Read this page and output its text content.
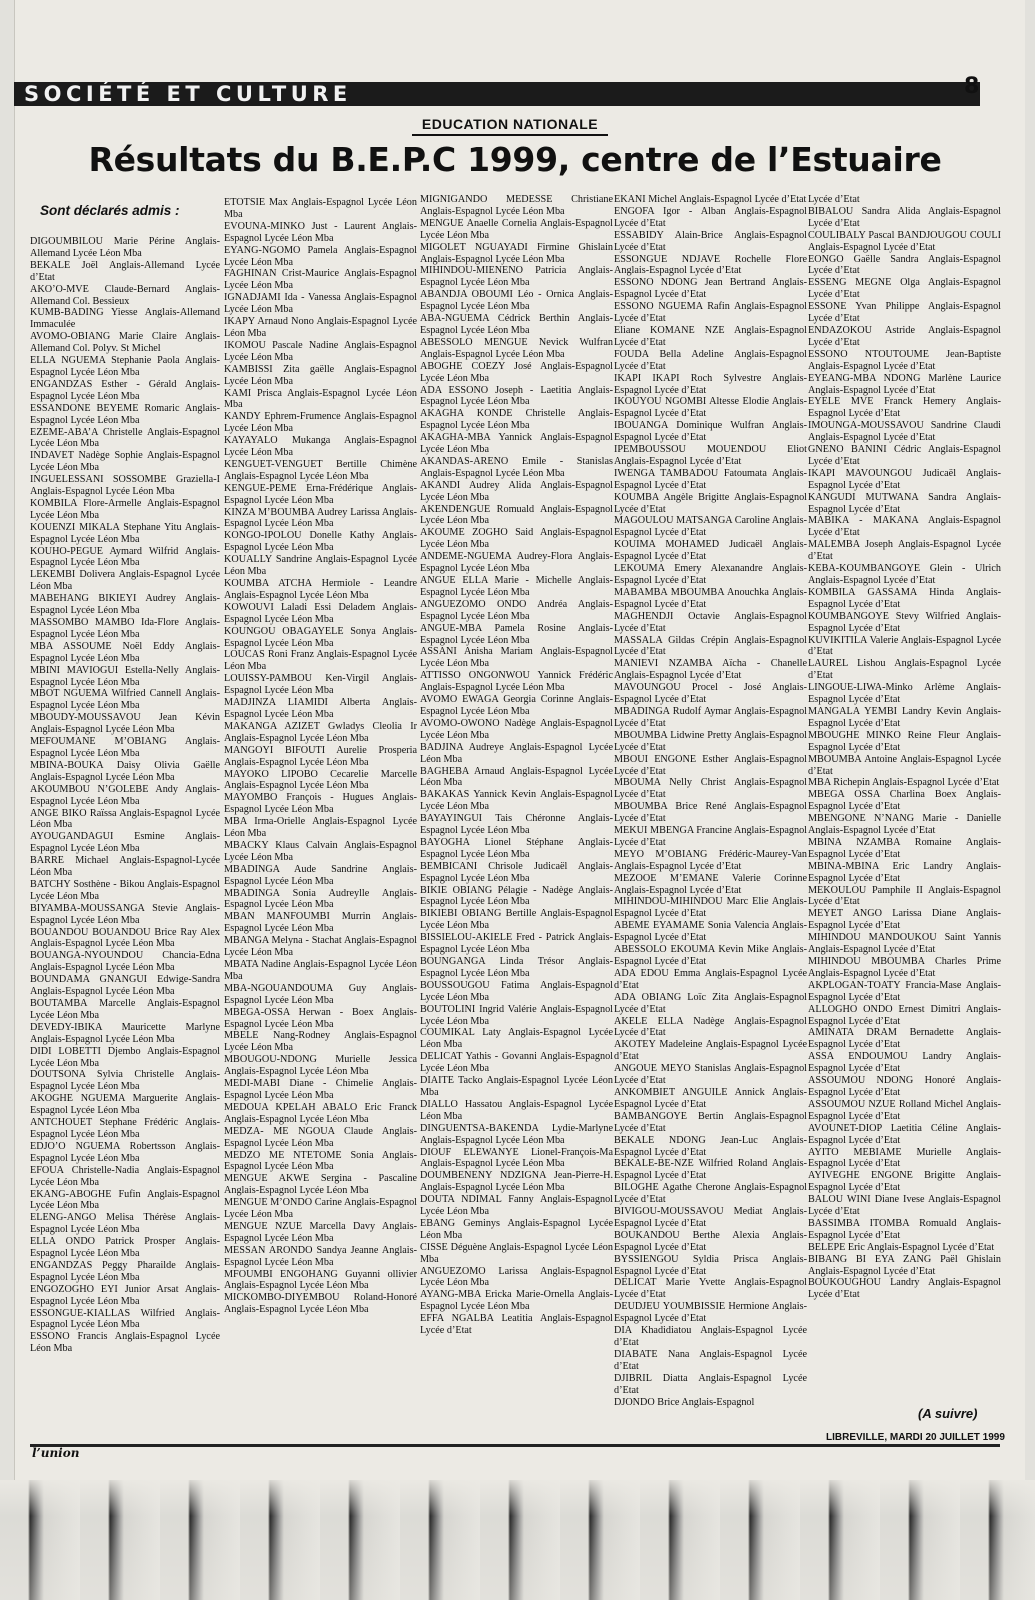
SOCIÉTÉ ET CULTURE	8
EDUCATION NATIONALE
Résultats du B.E.P.C 1999, centre de l’Estuaire
Sont déclarés admis :

DIGOUMBILOU Marie Périne Anglais-Allemand Lycée Léon Mba

BEKALE Joël Anglais-Allemand Lycée d’Etat

AKO’O-MVE Claude-Bernard Anglais-Allemand Col. Bessieux

KUMB-BADING Yiesse Anglais-Allemand Immaculée

AVOMO-OBIANG Marie Claire Anglais-Allemand Col. Polyv. St Michel

ELLA NGUEMA Stephanie Paola Anglais-Espagnol Lycée Léon Mba

ENGANDZAS Esther - Gérald Anglais-Espagnol Lycée Léon Mba

ESSANDONE BEYEME Romaric Anglais-Espagnol Lycée Léon Mba

EZEME-ABA’A Christelle Anglais-Espagnol Lycée Léon Mba

INDAVET Nadège Sophie Anglais-Espagnol Lycée Léon Mba

INGUELESSANI SOSSOMBE Graziella-I Anglais-Espagnol Lycée Léon Mba

KOMBILA Flore-Armelle Anglais-Espagnol Lycée Léon Mba

KOUENZI MIKALA Stephane Yitu Anglais-Espagnol Lycée Léon Mba

KOUHO-PEGUE Aymard Wilfrid Anglais-Espagnol Lycée Léon Mba

LEKEMBI Dolivera Anglais-Espagnol Lycée Léon Mba

MABEHANG BIKIEYI Audrey Anglais-Espagnol Lycée Léon Mba

MASSOMBO MAMBO Ida-Flore Anglais-Espagnol Lycée Léon Mba

MBA ASSOUME Noël Eddy Anglais-Espagnol Lycée Léon Mba

MBINI MAVIOGUI Estella-Nelly Anglais-Espagnol Lycée Léon Mba

MBOT NGUEMA Wilfried Cannell Anglais-Espagnol Lycée Léon Mba

MBOUDY-MOUSSAVOU Jean Kévin Anglais-Espagnol Lycée Léon Mba

MEFOUMANE M’OBIANG Anglais-Espagnol Lycée Léon Mba

MBINA-BOUKA Daisy Olivia Gaëlle Anglais-Espagnol Lycée Léon Mba

AKOUMBOU N’GOLEBE Andy Anglais-Espagnol Lycée Léon Mba

ANGE BIKO Raïssa Anglais-Espagnol Lycée Léon Mba

AYOUGANDAGUI Esmine Anglais-Espagnol Lycée Léon Mba

BARRE Michael Anglais-Espagnol-Lycée Léon Mba

BATCHY Sosthène - Bikou Anglais-Espagnol Lycée Léon Mba

BIYAMBA-MOUSSANGA Stevie Anglais-Espagnol Lycée Léon Mba

BOUANDOU BOUANDOU Brice Ray Alex Anglais-Espagnol Lycée Léon Mba

BOUANGA-NYOUNDOU Chancia-Edna Anglais-Espagnol Lycée Léon Mba

BOUNDAMA GNANGUI Edwige-Sandra Anglais-Espagnol Lycée Léon Mba

BOUTAMBA Marcelle Anglais-Espagnol Lycée Léon Mba

DEVEDY-IBIKA Mauricette Marlyne Anglais-Espagnol Lycée Léon Mba

DIDI LOBETTI Djembo Anglais-Espagnol Lycée Léon Mba

DOUTSONA Sylvia Christelle Anglais-Espagnol Lycée Léon Mba

AKOGHE NGUEMA Marguerite Anglais-Espagnol Lycée Léon Mba

ANTCHOUET Stephane Frédéric Anglais-Espagnol Lycée Léon Mba

EDJO’O NGUEMA Robertsson Anglais-Espagnol Lycée Léon Mba

EFOUA Christelle-Nadia Anglais-Espagnol Lycée Léon Mba

EKANG-ABOGHE Fufin Anglais-Espagnol Lycée Léon Mba

ELENG-ANGO Melisa Thérèse Anglais-Espagnol Lycée Léon Mba

ELLA ONDO Patrick Prosper Anglais-Espagnol Lycée Léon Mba

ENGANDZAS Peggy Pharailde Anglais-Espagnol Lycée Léon Mba

ENGOZOGHO EYI Junior Arsat Anglais-Espagnol Lycée Léon Mba

ESSONGUE-KIALLAS Wilfried Anglais-Espagnol Lycée Léon Mba

ESSONO Francis Anglais-Espagnol Lycée Léon Mba

ETOTSIE Max Anglais-Espagnol Lycée Léon Mba

EVOUNA-MINKO Just - Laurent Anglais-Espagnol Lycée Léon Mba

EYANG-NGOMO Pamela Anglais-Espagnol Lycée Léon Mba

FAGHINAN Crist-Maurice Anglais-Espagnol Lycée Léon Mba

IGNADJAMI Ida - Vanessa Anglais-Espagnol Lycée Léon Mba

IKAPY Arnaud Nono Anglais-Espagnol Lycée Léon Mba

IKOMOU Pascale Nadine Anglais-Espagnol Lycée Léon Mba

KAMBISSI Zita gaëlle Anglais-Espagnol Lycée Léon Mba

KAMI Prisca Anglais-Espagnol Lycée Léon Mba

KANDY Ephrem-Frumence Anglais-Espagnol Lycée Léon Mba

KAYAYALO Mukanga Anglais-Espagnol Lycée Léon Mba

KENGUET-VENGUET Bertille Chimène Anglais-Espagnol Lycée Léon Mba

KENGUE-PEME Erna-Frédérique Anglais-Espagnol Lycée Léon Mba

KINZA M’BOUMBA Audrey Larissa Anglais-Espagnol Lycée Léon Mba

KONGO-IPOLOU Donelle Kathy Anglais-Espagnol Lycée Léon Mba

KOUALLY Sandrine Anglais-Espagnol Lycée Léon Mba

KOUMBA ATCHA Hermiole - Leandre Anglais-Espagnol Lycée Léon Mba

KOWOUVI Laladi Essi Deladem Anglais-Espagnol Lycée Léon Mba

KOUNGOU OBAGAYELE Sonya Anglais-Espagnol Lycée Léon Mba

LOUCAS Roni Franz Anglais-Espagnol Lycée Léon Mba

LOUISSY-PAMBOU Ken-Virgil Anglais-Espagnol Lycée Léon Mba

MADJINZA LIAMIDI Alberta Anglais-Espagnol Lycée Léon Mba

MAKANGA AZIZET Gwladys Cleolia Ir Anglais-Espagnol Lycée Léon Mba

MANGOYI BIFOUTI Aurelie Prosperia Anglais-Espagnol Lycée Léon Mba

MAYOKO LIPOBO Cecarelie Marcelle Anglais-Espagnol Lycée Léon Mba

MAYOMBO François - Hugues Anglais-Espagnol Lycée Léon Mba

MBA Irma-Orielle Anglais-Espagnol Lycée Léon Mba

MBACKY Klaus Calvain Anglais-Espagnol Lycée Léon Mba

MBADINGA Aude Sandrine Anglais-Espagnol Lycée Léon Mba

MBADINGA Sonia Audreylle Anglais-Espagnol Lycée Léon Mba

MBAN MANFOUMBI Murrin Anglais-Espagnol Lycée Léon Mba

MBANGA Melyna - Stachat Anglais-Espagnol Lycée Léon Mba

MBATA Nadine Anglais-Espagnol Lycée Léon Mba

MBA-NGOUANDOUMA Guy Anglais-Espagnol Lycée Léon Mba

MBEGA-OSSA Herwan - Boex Anglais-Espagnol Lycée Léon Mba

MBELE Nang-Rodney Anglais-Espagnol Lycée Léon Mba

MBOUGOU-NDONG Murielle Jessica Anglais-Espagnol Lycée Léon Mba

MEDI-MABI Diane - Chimelie Anglais-Espagnol Lycée Léon Mba

MEDOUA KPELAH ABALO Eric Franck Anglais-Espagnol Lycée Léon Mba

MEDZA- ME NGOUA Claude Anglais-Espagnol Lycée Léon Mba

MEDZO ME NTETOME Sonia Anglais-Espagnol Lycée Léon Mba

MENGUE AKWE Sergina - Pascaline Anglais-Espagnol Lycée Léon Mba

MENGUE M’ONDO Carine Anglais-Espagnol Lycée Léon Mba

MENGUE NZUE Marcella Davy Anglais-Espagnol Lycée Léon Mba

MESSAN ARONDO Sandya Jeanne Anglais-Espagnol Lycée Léon Mba

MFOUMBI ENGOHANG Guyanni ollivier Anglais-Espagnol Lycée Léon Mba

MICKOMBO-DIYEMBOU Roland-Honoré Anglais-Espagnol Lycée Léon Mba

MIGNIGANDO MEDESSE Christiane Anglais-Espagnol Lycée Léon Mba

MENGUE Anaelle Cornelia Anglais-Espagnol Lycée Léon Mba

MIGOLET NGUAYADI Firmine Ghislain Anglais-Espagnol Lycée Léon Mba

MIHINDOU-MIENENO Patricia Anglais-Espagnol Lycée Léon Mba

ABANDJA OBOUMI Léo - Ornica Anglais-Espagnol Lycée Léon Mba

ABA-NGUEMA Cédrick Berthin Anglais-Espagnol Lycée Léon Mba

ABESSOLO MENGUE Nevick Wulfran Anglais-Espagnol Lycée Léon Mba

ABOGHE COEZY José Anglais-Espagnol Lycée Léon Mba

ADA ESSONO Joseph - Laetitia Anglais-Espagnol Lycée Léon Mba

AKAGHA KONDE Christelle Anglais-Espagnol Lycée Léon Mba

AKAGHA-MBA Yannick Anglais-Espagnol Lycée Léon Mba

AKANDAS-ARENO Emile - Stanislas Anglais-Espagnol Lycée Léon Mba

AKANDI Audrey Alida Anglais-Espagnol Lycée Léon Mba

AKENDENGUE Romuald Anglais-Espagnol Lycée Léon Mba

AKOUME ZOGHO Said Anglais-Espagnol Lycée Léon Mba

ANDEME-NGUEMA Audrey-Flora Anglais-Espagnol Lycée Léon Mba

ANGUE ELLA Marie - Michelle Anglais-Espagnol Lycée Léon Mba

ANGUEZOMO ONDO Andréa Anglais-Espagnol Lycée Léon Mba

ANGUE-MBA Pamela Rosine Anglais-Espagnol Lycée Léon Mba

ASSANI Anisha Mariam Anglais-Espagnol Lycée Léon Mba

ATTISSO ONGONWOU Yannick Frédéric Anglais-Espagnol Lycée Léon Mba

AVOMO EWAGA Georgia Corinne Anglais-Espagnol Lycée Léon Mba

AVOMO-OWONO Nadège Anglais-Espagnol Lycée Léon Mba

BADJINA Audreye Anglais-Espagnol Lycée Léon Mba

BAGHEBA Arnaud Anglais-Espagnol Lycée Léon Mba

BAKAKAS Yannick Kevin Anglais-Espagnol Lycée Léon Mba

BAYAYINGUI Tais Chéronne Anglais-Espagnol Lycée Léon Mba

BAYOGHA Lionel Stéphane Anglais-Espagnol Lycée Léon Mba

BEMBICANI Chrisole Judicaël Anglais-Espagnol Lycée Léon Mba

BIKIE OBIANG Pélagie - Nadège Anglais-Espagnol Lycée Léon Mba

BIKIEBI OBIANG Bertille Anglais-Espagnol Lycée Léon Mba

BISSIELOU-AKIELE Fred - Patrick Anglais-Espagnol Lycée Léon Mba

BOUNGANGA Linda Trésor Anglais-Espagnol Lycée Léon Mba

BOUSSOUGOU Fatima Anglais-Espagnol Lycée Léon Mba

BOUTOLINI Ingrid Valérie Anglais-Espagnol Lycée Léon Mba

COUMIKAL Laty Anglais-Espagnol Lycée Léon Mba

DELICAT Yathis - Govanni Anglais-Espagnol Lycée Léon Mba

DIAITE Tacko Anglais-Espagnol Lycée Léon Mba

DIALLO Hassatou Anglais-Espagnol Lycée Léon Mba

DINGUENTSA-BAKENDA Lydie-Marlyne Anglais-Espagnol Lycée Léon Mba

DIOUF ELEWANYE Lionel-François-Ma Anglais-Espagnol Lycée Léon Mba

DOUMBENENY NDZIGNA Jean-Pierre-H. Anglais-Espagnol Lycée Léon Mba

DOUTA NDIMAL Fanny Anglais-Espagnol Lycée Léon Mba

EBANG Geminys Anglais-Espagnol Lycée Léon Mba

CISSE Déguène Anglais-Espagnol Lycée Léon Mba

ANGUEZOMO Larissa Anglais-Espagnol Lycée Léon Mba

AYANG-MBA Ericka Marie-Ornella Anglais-Espagnol Lycée Léon Mba

EFFA NGALBA Leatitia Anglais-Espagnol Lycée d’Etat

EKANI Michel Anglais-Espagnol Lycée d’Etat

ENGOFA Igor - Alban Anglais-Espagnol Lycée d’Etat

ESSABIDY Alain-Brice Anglais-Espagnol Lycée d’Etat

ESSONGUE NDJAVE Rochelle Flore Anglais-Espagnol Lycée d’Etat

ESSONO NDONG Jean Bertrand Anglais-Espagnol Lycée d’Etat

ESSONO NGUEMA Rafin Anglais-Espagnol Lycée d’Etat

Eliane KOMANE NZE Anglais-Espagnol Lycée d’Etat

FOUDA Bella Adeline Anglais-Espagnol Lycée d’Etat

IKAPI IKAPI Roch Sylvestre Anglais-Espagnol Lycée d’Etat

IKOUYOU NGOMBI Altesse Elodie Anglais-Espagnol Lycée d’Etat

IBOUANGA Dominique Wulfran Anglais-Espagnol Lycée d’Etat

IPEMBOUSSOU MOUENDOU Eliot Anglais-Espagnol Lycée d’Etat

IWENGA TAMBADOU Fatoumata Anglais-Espagnol Lycée d’Etat

KOUMBA Angèle Brigitte Anglais-Espagnol Lycée d’Etat

MAGOULOU MATSANGA Caroline Anglais-Espagnol Lycée d’Etat

KOUIMA MOHAMED Judicaël Anglais-Espagnol Lycée d’Etat

LEKOUMA Emery Alexanandre Anglais-Espagnol Lycée d’Etat

MABAMBA MBOUMBA Anouchka Anglais-Espagnol Lycée d’Etat

MAGHENDJI Octavie Anglais-Espagnol Lycée d’Etat

MASSALA Gildas Crépin Anglais-Espagnol Lycée d’Etat

MANIEVI NZAMBA Aïcha - Chanelle Anglais-Espagnol Lycée d’Etat

MAVOUNGOU Procel - José Anglais-Espagnol Lycée d’Etat

MBADINGA Rudolf Aymar Anglais-Espagnol Lycée d’Etat

MBOUMBA Lidwine Pretty Anglais-Espagnol Lycée d’Etat

MBOUI ENGONE Esther Anglais-Espagnol Lycée d’Etat

MBOUMA Nelly Christ Anglais-Espagnol Lycée d’Etat

MBOUMBA Brice René Anglais-Espagnol Lycée d’Etat

MEKUI MBENGA Francine Anglais-Espagnol Lycée d’Etat

MEYO M’OBIANG Frédéric-Maurey-Van Anglais-Espagnol Lycée d’Etat

MEZOOE M’EMANE Valerie Corinne Anglais-Espagnol Lycée d’Etat

MIHINDOU-MIHINDOU Marc Elie Anglais-Espagnol Lycée d’Etat

ABEME EYAMAME Sonia Valencia Anglais-Espagnol Lycée d’Etat

ABESSOLO EKOUMA Kevin Mike Anglais-Espagnol Lycée d’Etat

ADA EDOU Emma Anglais-Espagnol Lycée d’Etat

ADA OBIANG Loïc Zita Anglais-Espagnol Lycée d’Etat

AKELE ELLA Nadège Anglais-Espagnol Lycée d’Etat

AKOTEY Madeleine Anglais-Espagnol Lycée d’Etat

ANGOUE MEYO Stanislas Anglais-Espagnol Lycée d’Etat

ANKOMBIET ANGUILE Annick Anglais-Espagnol Lycée d’Etat

BAMBANGOYE Bertin Anglais-Espagnol Lycée d’Etat

BEKALE NDONG Jean-Luc Anglais-Espagnol Lycée d’Etat

BEKALE-BE-NZE Wilfried Roland Anglais-Espagnol Lycée d’Etat

BILOGHE Agathe Cherone Anglais-Espagnol Lycée d’Etat

BIVIGOU-MOUSSAVOU Mediat Anglais-Espagnol Lycée d’Etat

BOUKANDOU Berthe Alexia Anglais-Espagnol Lycée d’Etat

BYSSIENGOU Syldia Prisca Anglais-Espagnol Lycée d’Etat

DELICAT Marie Yvette Anglais-Espagnol Lycée d’Etat

DEUDJEU YOUMBISSIE Hermione Anglais-Espagnol Lycée d’Etat

DIA Khadidiatou Anglais-Espagnol Lycée d’Etat

DIABATE Nana Anglais-Espagnol Lycée d’Etat

DJIBRIL Diatta Anglais-Espagnol Lycée d’Etat

DJONDO Brice Anglais-Espagnol

Lycée d’Etat

BIBALOU Sandra Alida Anglais-Espagnol Lycée d’Etat

COULIBALY Pascal BANDJOUGOU COULI Anglais-Espagnol Lycée d’Etat

EONGO Gaëlle Sandra Anglais-Espagnol Lycée d’Etat

ESSENG MEGNE Olga Anglais-Espagnol Lycée d’Etat

ESSONE Yvan Philippe Anglais-Espagnol Lycée d’Etat

ENDAZOKOU Astride Anglais-Espagnol Lycée d’Etat

ESSONO NTOUTOUME Jean-Baptiste Anglais-Espagnol Lycée d’Etat

EYEANG-MBA NDONG Marlène Laurice Anglais-Espagnol Lycée d’Etat

EYELE MVE Franck Hemery Anglais-Espagnol Lycée d’Etat

IMOUNGA-MOUSSAVOU Sandrine Claudi Anglais-Espagnol Lycée d’Etat

GNENO BANINI Cédric Anglais-Espagnol Lycée d’Etat

IKAPI MAVOUNGOU Judicaël Anglais-Espagnol Lycée d’Etat

KANGUDI MUTWANA Sandra Anglais-Espagnol Lycée d’Etat

MABIKA - MAKANA Anglais-Espagnol Lycée d’Etat

MALEMBA Joseph Anglais-Espagnol Lycée d’Etat

KEBA-KOUMBANGOYE Glein - Ulrich Anglais-Espagnol Lycée d’Etat

KOMBILA GASSAMA Hinda Anglais-Espagnol Lycée d’Etat

KOUMBANGOYE Stevy Wilfried Anglais-Espagnol Lycée d’Etat

KUVIKITILA Valerie Anglais-Espagnol Lycée d’Etat

LAUREL Lishou Anglais-Espagnol Lycée d’Etat

LINGOUE-LIWA-Minko Arlème Anglais-Espagnol Lycée d’Etat

MANGALA YEMBI Landry Kevin Anglais-Espagnol Lycée d’Etat

MBOUGHE MINKO Reine Fleur Anglais-Espagnol Lycée d’Etat

MBOUMBA Antoine Anglais-Espagnol Lycée d’Etat

MBA Richepin Anglais-Espagnol Lycée d’Etat

MBEGA OSSA Charlina Boex Anglais-Espagnol Lycée d’Etat

MBENGONE N’NANG Marie - Danielle Anglais-Espagnol Lycée d’Etat

MBINA NZAMBA Romaine Anglais-Espagnol Lycée d’Etat

MBINA-MBINA Eric Landry Anglais-Espagnol Lycée d’Etat

MEKOULOU Pamphile II Anglais-Espagnol Lycée d’Etat

MEYET ANGO Larissa Diane Anglais-Espagnol Lycée d’Etat

MIHINDOU MANDOUKOU Saint Yannis Anglais-Espagnol Lycée d’Etat

MIHINDOU MBOUMBA Charles Prime Anglais-Espagnol Lycée d’Etat

AKPLOGAN-TOATY Francia-Mase Anglais-Espagnol Lycée d’Etat

ALLOGHO ONDO Ernest Dimitri Anglais-Espagnol Lycée d’Etat

AMINATA DRAM Bernadette Anglais-Espagnol Lycée d’Etat

ASSA ENDOUMOU Landry Anglais-Espagnol Lycée d’Etat

ASSOUMOU NDONG Honoré Anglais-Espagnol Lycée d’Etat

ASSOUMOU NZUE Rolland Michel Anglais-Espagnol Lycée d’Etat

AVOUNET-DIOP Laetitia Céline Anglais-Espagnol Lycée d’Etat

AYITO MEBIAME Murielle Anglais-Espagnol Lycée d’Etat

AYIVEGHE ENGONE Brigitte Anglais-Espagnol Lycée d’Etat

BALOU WINI Diane Ivese Anglais-Espagnol Lycée d’Etat

BASSIMBA ITOMBA Romuald Anglais-Espagnol Lycée d’Etat

BELEPE Eric Anglais-Espagnol Lycée d’Etat

BIBANG BI EYA ZANG Paël Ghislain Anglais-Espagnol Lycée d’Etat

BOUKOUGHOU Landry Anglais-Espagnol Lycée d’Etat

(A suivre)
l’union
LIBREVILLE, MARDI 20 JUILLET 1999
